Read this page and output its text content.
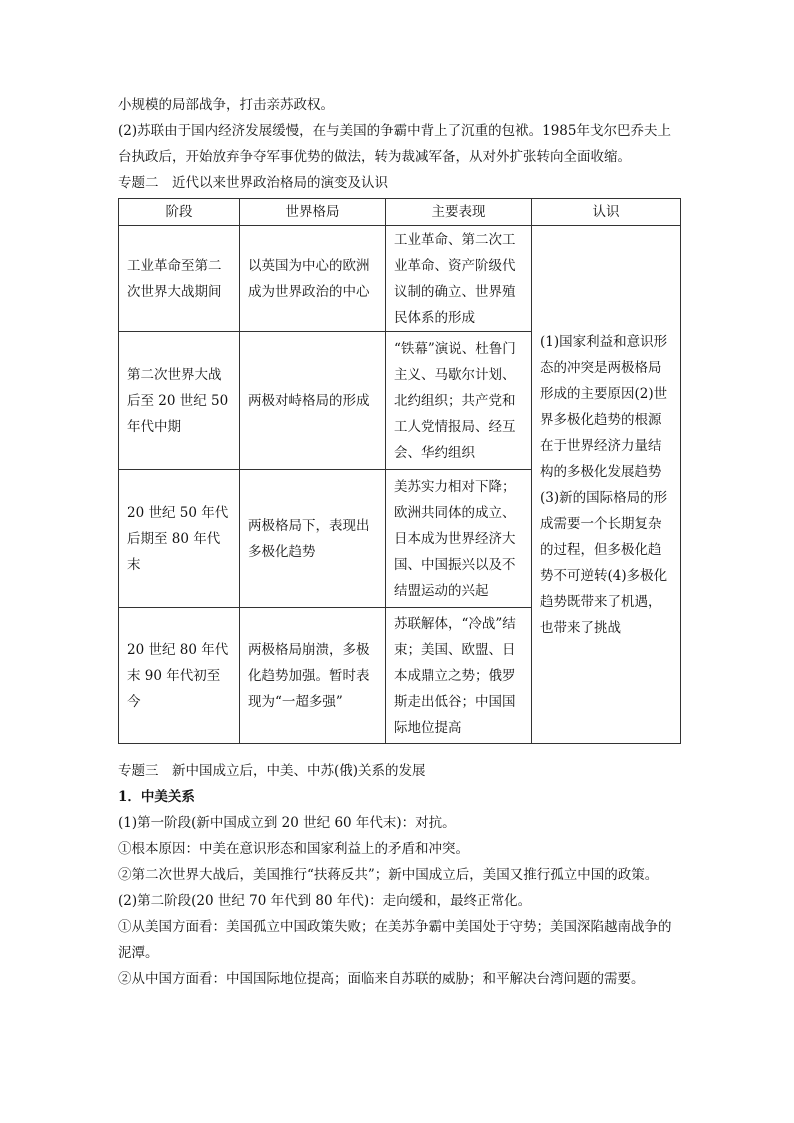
小规模的局部战争，打击亲苏政权。
(2)苏联由于国内经济发展缓慢，在与美国的争霸中背上了沉重的包袱。1985年戈尔巴乔夫上
台执政后，开始放弃争夺军事优势的做法，转为裁减军备，从对外扩张转向全面收缩。
专题二　近代以来世界政治格局的演变及认识
阶段	世界格局	主要表现	认识
工业革命至第二次世界大战期间	以英国为中心的欧洲成为世界政治的中心	工业革命、第二次工业革命、资产阶级代议制的确立、世界殖民体系的形成	(1)国家利益和意识形态的冲突是两极格局形成的主要原因(2)世界多极化趋势的根源在于世界经济力量结构的多极化发展趋势(3)新的国际格局的形成需要一个长期复杂的过程，但多极化趋势不可逆转(4)多极化趋势既带来了机遇，也带来了挑战
第二次世界大战后至 20 世纪 50 年代中期	两极对峙格局的形成	“铁幕”演说、杜鲁门主义、马歇尔计划、北约组织；共产党和工人党情报局、经互会、华约组织	
20 世纪 50 年代后期至 80 年代末	两极格局下，表现出多极化趋势	美苏实力相对下降；欧洲共同体的成立、日本成为世界经济大国、中国振兴以及不结盟运动的兴起	
20 世纪 80 年代末 90 年代初至今	两极格局崩溃，多极化趋势加强。暂时表现为“一超多强”	苏联解体，“冷战”结束；美国、欧盟、日本成鼎立之势；俄罗斯走出低谷；中国国际地位提高	
专题三　新中国成立后，中美、中苏(俄)关系的发展
1．中美关系
(1)第一阶段(新中国成立到 20 世纪 60 年代末)：对抗。
①根本原因：中美在意识形态和国家利益上的矛盾和冲突。
②第二次世界大战后，美国推行“扶蒋反共”；新中国成立后，美国又推行孤立中国的政策。
(2)第二阶段(20 世纪 70 年代到 80 年代)：走向缓和，最终正常化。
①从美国方面看：美国孤立中国政策失败；在美苏争霸中美国处于守势；美国深陷越南战争的泥潭。
②从中国方面看：中国国际地位提高；面临来自苏联的威胁；和平解决台湾问题的需要。
